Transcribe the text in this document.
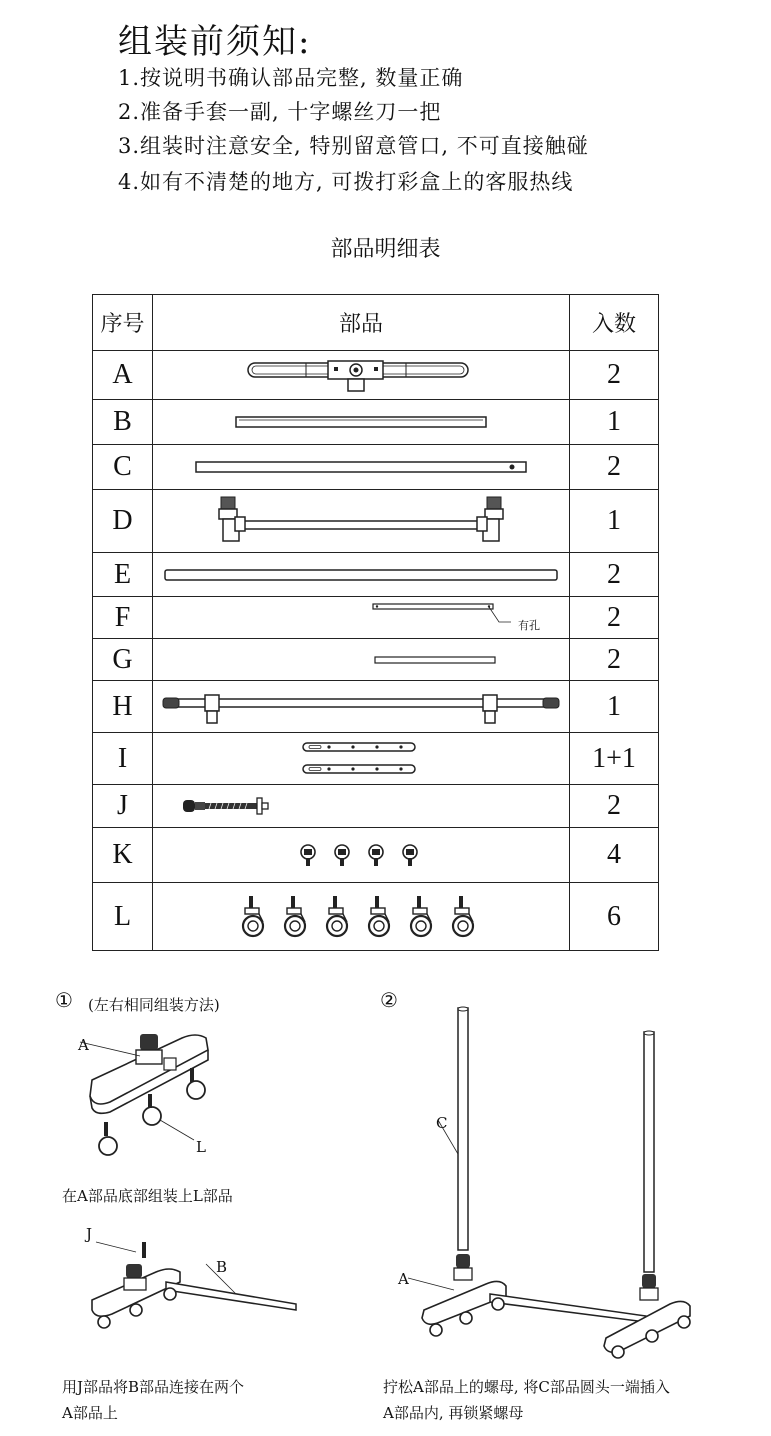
组装前须知:
1.按说明书确认部品完整, 数量正确
2.准备手套一副, 十字螺丝刀一把
3.组装时注意安全, 特别留意管口, 不可直接触碰
4.如有不清楚的地方, 可拨打彩盒上的客服热线
部品明细表
序号	部品	入数
A		2
B		1
C		2
D		1
E		2
F	有孔	2
G		2
H		1
I		1+1
J		2
K		4
L		6
① (左右相同组装方法)
A
L
在A部品底部组装上L部品
J
B
用J部品将B部品连接在两个
A部品上
②
C
A
拧松A部品上的螺母, 将C部品圆头一端插入
A部品内, 再锁紧螺母
